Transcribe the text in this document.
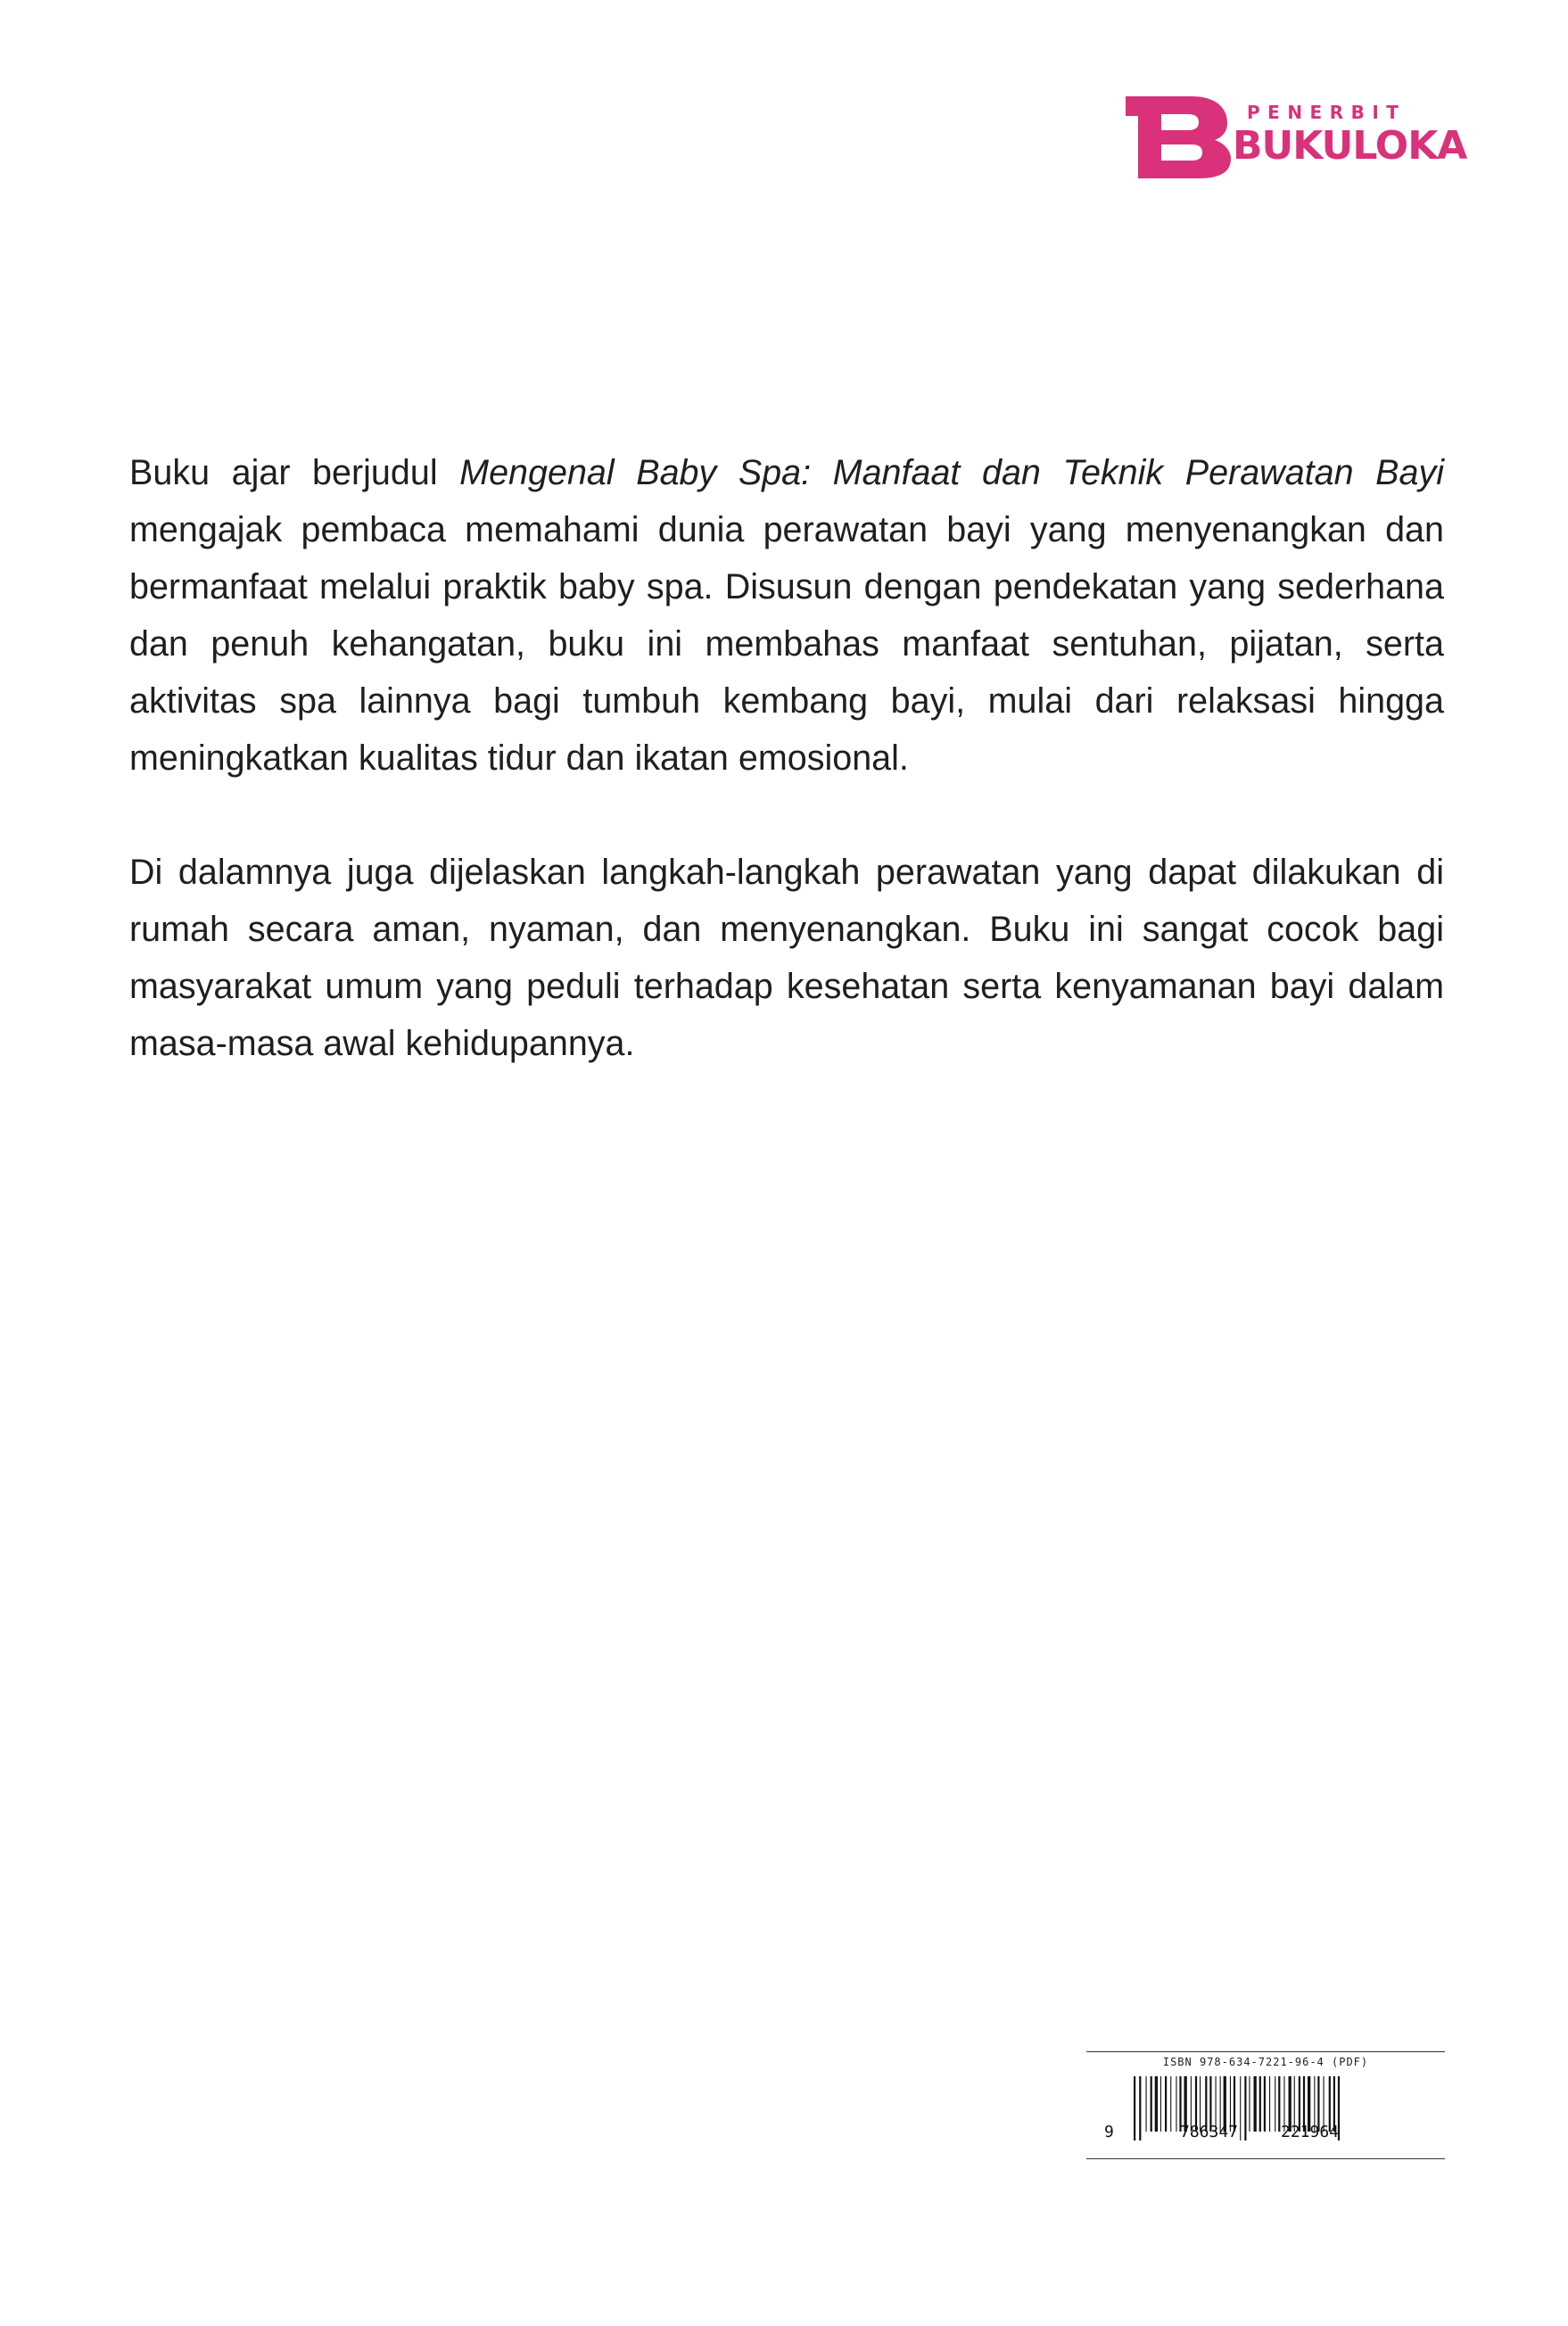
PENERBIT
BUKULOKA

Buku ajar berjudul Mengenal Baby Spa: Manfaat dan Teknik Perawatan Bayi mengajak pembaca memahami dunia perawatan bayi yang menyenangkan dan bermanfaat melalui praktik baby spa. Disusun dengan pendekatan yang sederhana dan penuh kehangatan, buku ini membahas manfaat sentuhan, pijatan, serta aktivitas spa lainnya bagi tumbuh kembang bayi, mulai dari relaksasi hingga meningkatkan kualitas tidur dan ikatan emosional.

Di dalamnya juga dijelaskan langkah-langkah perawatan yang dapat dilakukan di rumah secara aman, nyaman, dan menyenangkan. Buku ini sangat cocok bagi masyarakat umum yang peduli terhadap kesehatan serta kenyamanan bayi dalam masa-masa awal kehidupannya.

ISBN 978-634-7221-96-4 (PDF)
9	786347	221964
